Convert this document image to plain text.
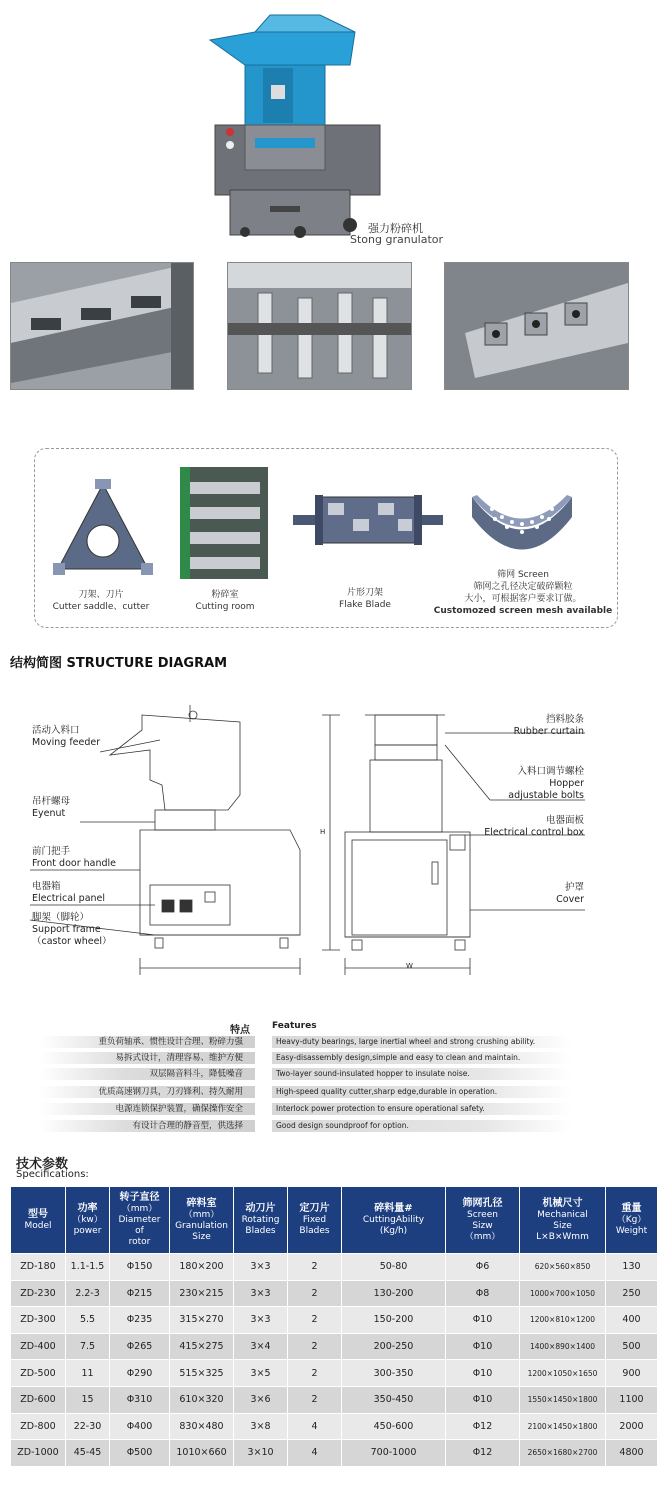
强力粉碎机
Stong granulator
刀架、刀片
Cutter saddle、cutter
粉碎室
Cutting room
片形刀架
Flake Blade
筛网 Screen
筛网之孔径决定破碎颗粒
大小，可根据客户要求订做。
Customozed screen mesh available
结构简图 STRUCTURE DIAGRAM
H
W
活动入料口
Moving feeder
吊杆螺母
Eyenut
前门把手
Front door handle
电器箱
Electrical panel
脚架（脚轮）
Support frame
（castor wheel）
挡料胶条
Rubber curtain
入料口调节螺栓
Hopper
adjustable bolts
电器面板
Electrical control box
护罩
Cover
特点 Features
重负荷轴承、惯性设计合理、粉碎力强	Heavy-duty bearings, large inertial wheel and strong crushing ability.
易拆式设计，清理容易、维护方便	Easy-disassembly design,simple and easy to clean and maintain.
双层隔音料斗，降低噪音	Two-layer sound-insulated hopper to insulate noise.
优质高速钢刀具，刀刃锋利、持久耐用	High-speed quality cutter,sharp edge,durable in operation.
电源连锁保护装置，确保操作安全	Interlock power protection to ensure operational safety.
有设计合理的静音型，供选择	Good design soundproof for option.
技术参数
Specifications:
型号
Model	功率
（kw）
power	转子直径
（mm）
Diameter
of
rotor	碎料室
（mm）
Granulation
Size	动刀片
Rotating
Blades	定刀片
Fixed
Blades	碎料量#
CuttingAbility
(Kg/h)	筛网孔径
Screen
Sizw
（mm）	机械尺寸
Mechanical
Size
L×B×Wmm	重量
（Kg）
Weight
ZD-180	1.1-1.5	Φ150	180×200	3×3	2	50-80	Φ6	620×560×850	130
ZD-230	2.2-3	Φ215	230×215	3×3	2	130-200	Φ8	1000×700×1050	250
ZD-300	5.5	Φ235	315×270	3×3	2	150-200	Φ10	1200×810×1200	400
ZD-400	7.5	Φ265	415×275	3×4	2	200-250	Φ10	1400×890×1400	500
ZD-500	11	Φ290	515×325	3×5	2	300-350	Φ10	1200×1050×1650	900
ZD-600	15	Φ310	610×320	3×6	2	350-450	Φ10	1550×1450×1800	1100
ZD-800	22-30	Φ400	830×480	3×8	4	450-600	Φ12	2100×1450×1800	2000
ZD-1000	45-45	Φ500	1010×660	3×10	4	700-1000	Φ12	2650×1680×2700	4800
